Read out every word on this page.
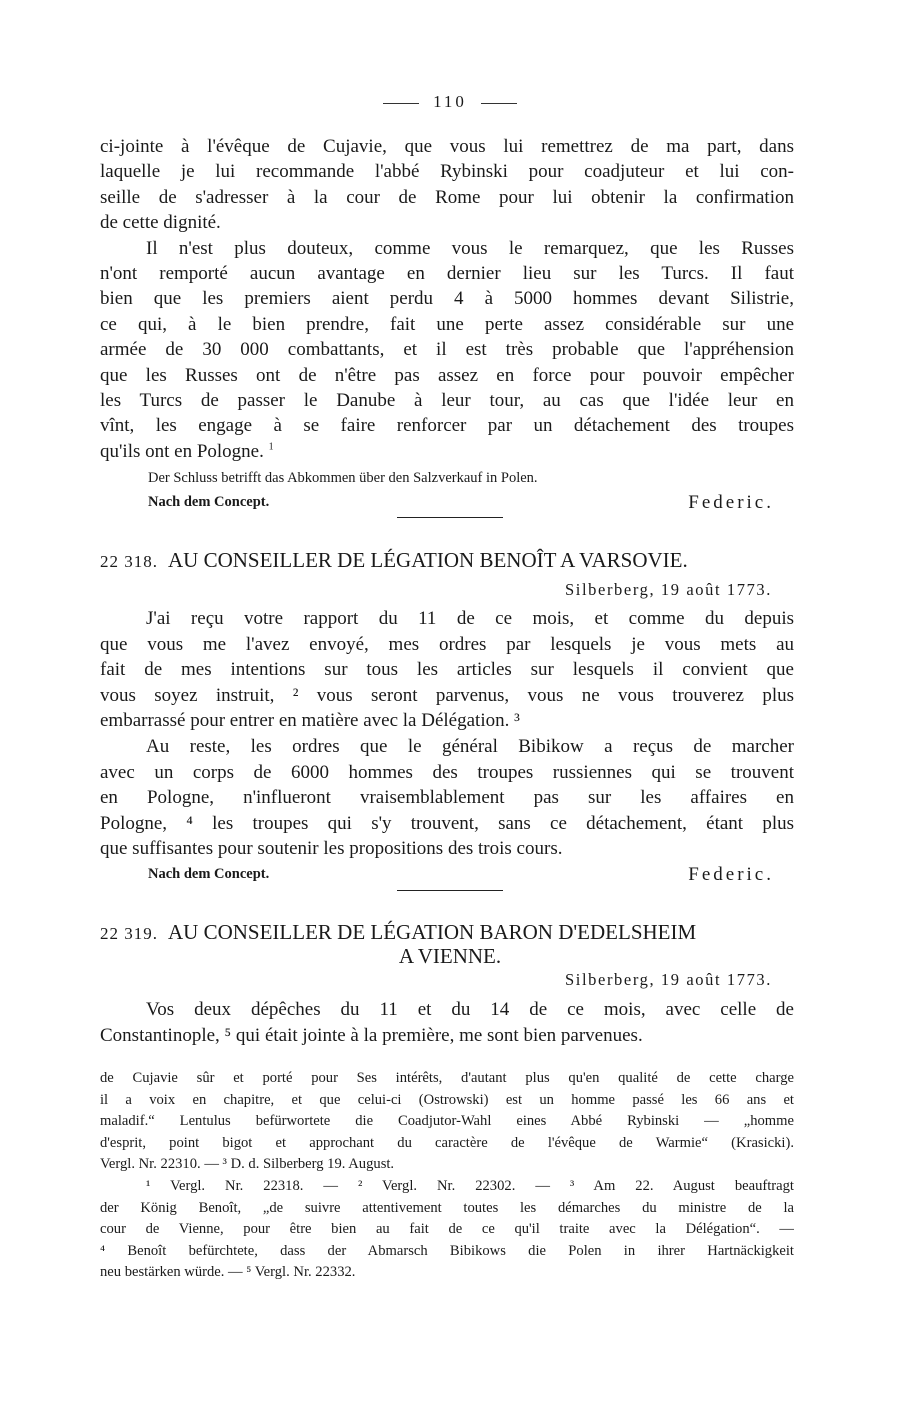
110
ci-jointe à l'évêque de Cujavie, que vous lui remettrez de ma part, dans
laquelle je lui recommande l'abbé Rybinski pour coadjuteur et lui con-
seille de s'adresser à la cour de Rome pour lui obtenir la confirmation
de cette dignité.
Il n'est plus douteux, comme vous le remarquez, que les Russes
n'ont remporté aucun avantage en dernier lieu sur les Turcs. Il faut
bien que les premiers aient perdu 4 à 5000 hommes devant Silistrie,
ce qui, à le bien prendre, fait une perte assez considérable sur une
armée de 30 000 combattants, et il est très probable que l'appréhension
que les Russes ont de n'être pas assez en force pour pouvoir empêcher
les Turcs de passer le Danube à leur tour, au cas que l'idée leur en
vînt, les engage à se faire renforcer par un détachement des troupes
qu'ils ont en Pologne. $^1$
Der Schluss betrifft das Abkommen über den Salzverkauf in Polen.
Nach dem Concept.	Federic.
22 318. AU CONSEILLER DE LÉGATION BENOÎT A VARSOVIE.
Silberberg, 19 août 1773.
J'ai reçu votre rapport du 11 de ce mois, et comme du depuis
que vous me l'avez envoyé, mes ordres par lesquels je vous mets au
fait de mes intentions sur tous les articles sur lesquels il convient que
vous soyez instruit, ² vous seront parvenus, vous ne vous trouverez plus
embarrassé pour entrer en matière avec la Délégation. ³
Au reste, les ordres que le général Bibikow a reçus de marcher
avec un corps de 6000 hommes des troupes russiennes qui se trouvent
en Pologne, n'influeront vraisemblablement pas sur les affaires en
Pologne, ⁴ les troupes qui s'y trouvent, sans ce détachement, étant plus
que suffisantes pour soutenir les propositions des trois cours.
Nach dem Concept.	Federic.
22 319. AU CONSEILLER DE LÉGATION BARON D'EDELSHEIM
A VIENNE.
Silberberg, 19 août 1773.
Vos deux dépêches du 11 et du 14 de ce mois, avec celle de
Constantinople, ⁵ qui était jointe à la première, me sont bien parvenues.
de Cujavie sûr et porté pour Ses intérêts, d'autant plus qu'en qualité de cette charge
il a voix en chapitre, et que celui-ci (Ostrowski) est un homme passé les 66 ans et
maladif.“ Lentulus befürwortete die Coadjutor-Wahl eines Abbé Rybinski — „homme
d'esprit, point bigot et approchant du caractère de l'évêque de Warmie“ (Krasicki).
Vergl. Nr. 22310. — ³ D. d. Silberberg 19. August.
¹ Vergl. Nr. 22318. — ² Vergl. Nr. 22302. — ³ Am 22. August beauftragt
der König Benoît, „de suivre attentivement toutes les démarches du ministre de la
cour de Vienne, pour être bien au fait de ce qu'il traite avec la Délégation“. —
⁴ Benoît befürchtete, dass der Abmarsch Bibikows die Polen in ihrer Hartnäckigkeit
neu bestärken würde. — ⁵ Vergl. Nr. 22332.
